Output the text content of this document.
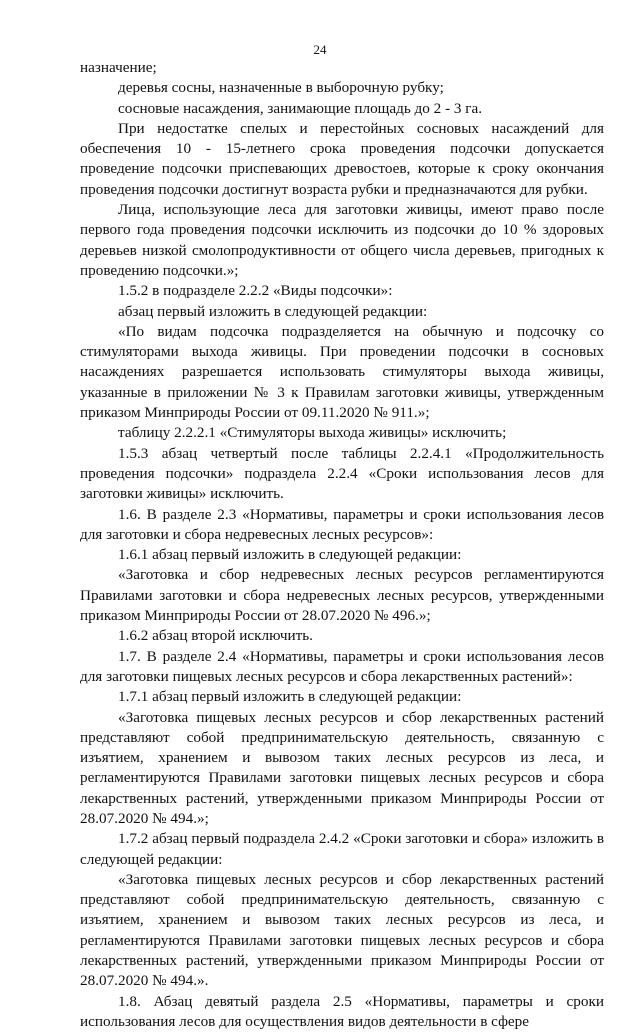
24

назначение;

деревья сосны, назначенные в выборочную рубку;

сосновые насаждения, занимающие площадь до 2 - 3 га.

При недостатке спелых и перестойных сосновых насаждений для обеспечения 10 - 15-летнего срока проведения подсочки допускается проведение подсочки приспевающих древостоев, которые к сроку окончания проведения подсочки достигнут возраста рубки и предназначаются для рубки.

Лица, использующие леса для заготовки живицы, имеют право после первого года проведения подсочки исключить из подсочки до 10 % здоровых деревьев низкой смолопродуктивности от общего числа деревьев, пригодных к проведению подсочки.»;

1.5.2 в подразделе 2.2.2 «Виды подсочки»:

абзац первый изложить в следующей редакции:

«По видам подсочка подразделяется на обычную и подсочку со стимуляторами выхода живицы. При проведении подсочки в сосновых насаждениях разрешается использовать стимуляторы выхода живицы, указанные в приложении № 3 к Правилам заготовки живицы, утвержденным приказом Минприроды России от 09.11.2020 № 911.»;

таблицу 2.2.2.1 «Стимуляторы выхода живицы» исключить;

1.5.3 абзац четвертый после таблицы 2.2.4.1 «Продолжительность проведения подсочки» подраздела 2.2.4 «Сроки использования лесов для заготовки живицы» исключить.

1.6. В разделе 2.3 «Нормативы, параметры и сроки использования лесов для заготовки и сбора недревесных лесных ресурсов»:

1.6.1 абзац первый изложить в следующей редакции:

«Заготовка и сбор недревесных лесных ресурсов регламентируются Правилами заготовки и сбора недревесных лесных ресурсов, утвержденными приказом Минприроды России от 28.07.2020 № 496.»;

1.6.2 абзац второй исключить.

1.7. В разделе 2.4 «Нормативы, параметры и сроки использования лесов для заготовки пищевых лесных ресурсов и сбора лекарственных растений»:

1.7.1 абзац первый изложить в следующей редакции:

«Заготовка пищевых лесных ресурсов и сбор лекарственных растений представляют собой предпринимательскую деятельность, связанную с изъятием, хранением и вывозом таких лесных ресурсов из леса, и регламентируются Правилами заготовки пищевых лесных ресурсов и сбора лекарственных растений, утвержденными приказом Минприроды России от 28.07.2020 № 494.»;

1.7.2 абзац первый подраздела 2.4.2 «Сроки заготовки и сбора» изложить в следующей редакции:

«Заготовка пищевых лесных ресурсов и сбор лекарственных растений представляют собой предпринимательскую деятельность, связанную с изъятием, хранением и вывозом таких лесных ресурсов из леса, и регламентируются Правилами заготовки пищевых лесных ресурсов и сбора лекарственных растений, утвержденными приказом Минприроды России от 28.07.2020 № 494.».

1.8. Абзац девятый раздела 2.5 «Нормативы, параметры и сроки использования лесов для осуществления видов деятельности в сфере
